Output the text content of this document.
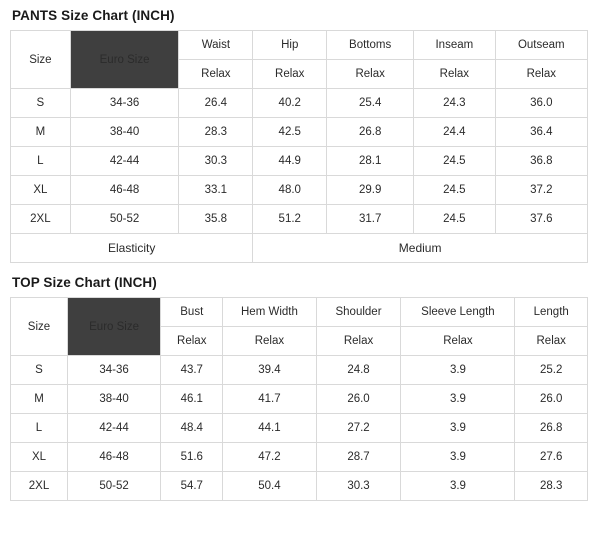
PANTS Size Chart (INCH)
Size	Euro Size	Waist	Hip	Bottoms	Inseam	Outseam
		Relax	Relax	Relax	Relax	Relax
S	34-36	26.4	40.2	25.4	24.3	36.0
M	38-40	28.3	42.5	26.8	24.4	36.4
L	42-44	30.3	44.9	28.1	24.5	36.8
XL	46-48	33.1	48.0	29.9	24.5	37.2
2XL	50-52	35.8	51.2	31.7	24.5	37.6
Elasticity			Medium			
TOP Size Chart (INCH)
Size	Euro Size	Bust	Hem Width	Shoulder	Sleeve Length	Length
		Relax	Relax	Relax	Relax	Relax
S	34-36	43.7	39.4	24.8	3.9	25.2
M	38-40	46.1	41.7	26.0	3.9	26.0
L	42-44	48.4	44.1	27.2	3.9	26.8
XL	46-48	51.6	47.2	28.7	3.9	27.6
2XL	50-52	54.7	50.4	30.3	3.9	28.3
